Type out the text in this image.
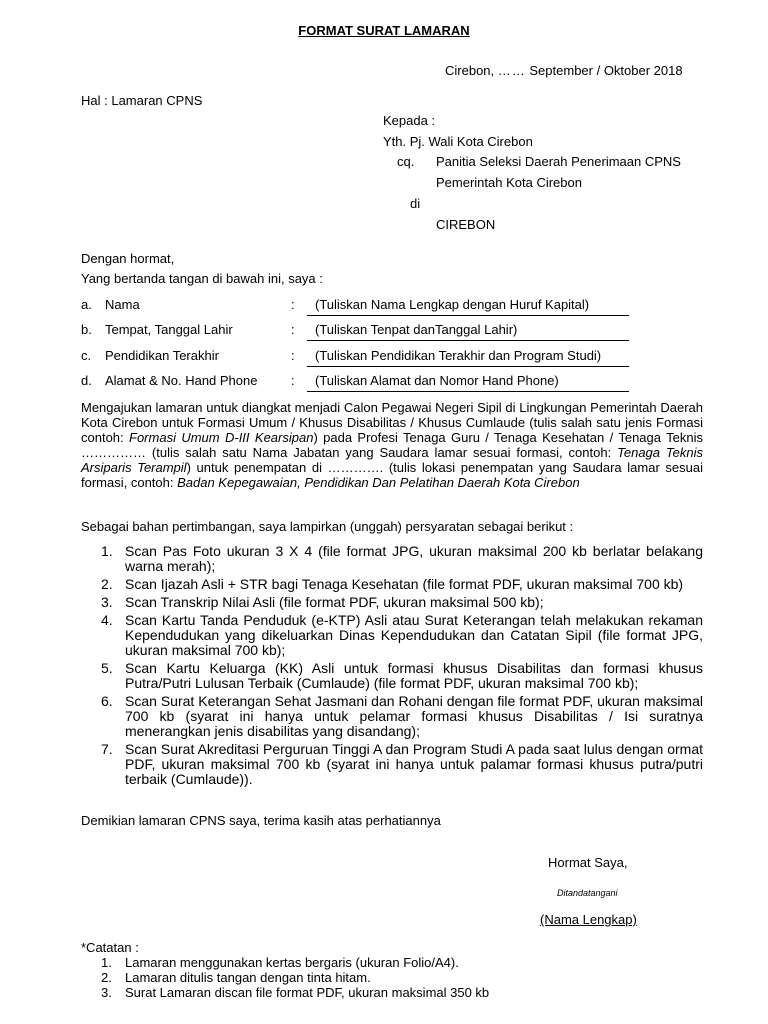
FORMAT SURAT LAMARAN
Cirebon, …… September / Oktober 2018
Hal : Lamaran CPNS
Kepada :
Yth. Pj. Wali Kota Cirebon
cq. Panitia Seleksi Daerah Penerimaan CPNS
Pemerintah Kota Cirebon
di
CIREBON
Dengan hormat,
Yang bertanda tangan di bawah ini, saya :
a. Nama	: (Tuliskan Nama Lengkap dengan Huruf Kapital)
b. Tempat, Tanggal Lahir	: (Tuliskan Tenpat danTanggal Lahir)
c. Pendidikan Terakhir	: (Tuliskan Pendidikan Terakhir dan Program Studi)
d. Alamat & No. Hand Phone	: (Tuliskan Alamat dan Nomor Hand Phone)
Mengajukan lamaran untuk diangkat menjadi Calon Pegawai Negeri Sipil di Lingkungan Pemerintah Daerah Kota Cirebon untuk Formasi Umum / Khusus Disabilitas / Khusus Cumlaude (tulis salah satu jenis Formasi contoh: Formasi Umum D-III Kearsipan) pada Profesi Tenaga Guru / Tenaga Kesehatan / Tenaga Teknis …………… (tulis salah satu Nama Jabatan yang Saudara lamar sesuai formasi, contoh: Tenaga Teknis Arsiparis Terampil) untuk penempatan di …………. (tulis lokasi penempatan yang Saudara lamar sesuai formasi, contoh: Badan Kepegawaian, Pendidikan Dan Pelatihan Daerah Kota Cirebon
Sebagai bahan pertimbangan, saya lampirkan (unggah) persyaratan sebagai berikut :
1. Scan Pas Foto ukuran 3 X 4 (file format JPG, ukuran maksimal 200 kb berlatar belakang warna merah);
2. Scan Ijazah Asli + STR bagi Tenaga Kesehatan (file format PDF, ukuran maksimal 700 kb)
3. Scan Transkrip Nilai Asli (file format PDF, ukuran maksimal 500 kb);
4. Scan Kartu Tanda Penduduk (e-KTP) Asli atau Surat Keterangan telah melakukan rekaman Kependudukan yang dikeluarkan Dinas Kependudukan dan Catatan Sipil (file format JPG, ukuran maksimal 700 kb);
5. Scan Kartu Keluarga (KK) Asli untuk formasi khusus Disabilitas dan formasi khusus Putra/Putri Lulusan Terbaik (Cumlaude) (file format PDF, ukuran maksimal 700 kb);
6. Scan Surat Keterangan Sehat Jasmani dan Rohani dengan file format PDF, ukuran maksimal 700 kb (syarat ini hanya untuk pelamar formasi khusus Disabilitas / Isi suratnya menerangkan jenis disabilitas yang disandang);
7. Scan Surat Akreditasi Perguruan Tinggi A dan Program Studi A pada saat lulus dengan ormat PDF, ukuran maksimal 700 kb (syarat ini hanya untuk palamar formasi khusus putra/putri terbaik (Cumlaude)).
Demikian lamaran CPNS saya, terima kasih atas perhatiannya
Hormat Saya,
Ditandatangani
(Nama Lengkap)
*Catatan :
1. Lamaran menggunakan kertas bergaris (ukuran Folio/A4).
2. Lamaran ditulis tangan dengan tinta hitam.
3. Surat Lamaran discan file format PDF, ukuran maksimal 350 kb
